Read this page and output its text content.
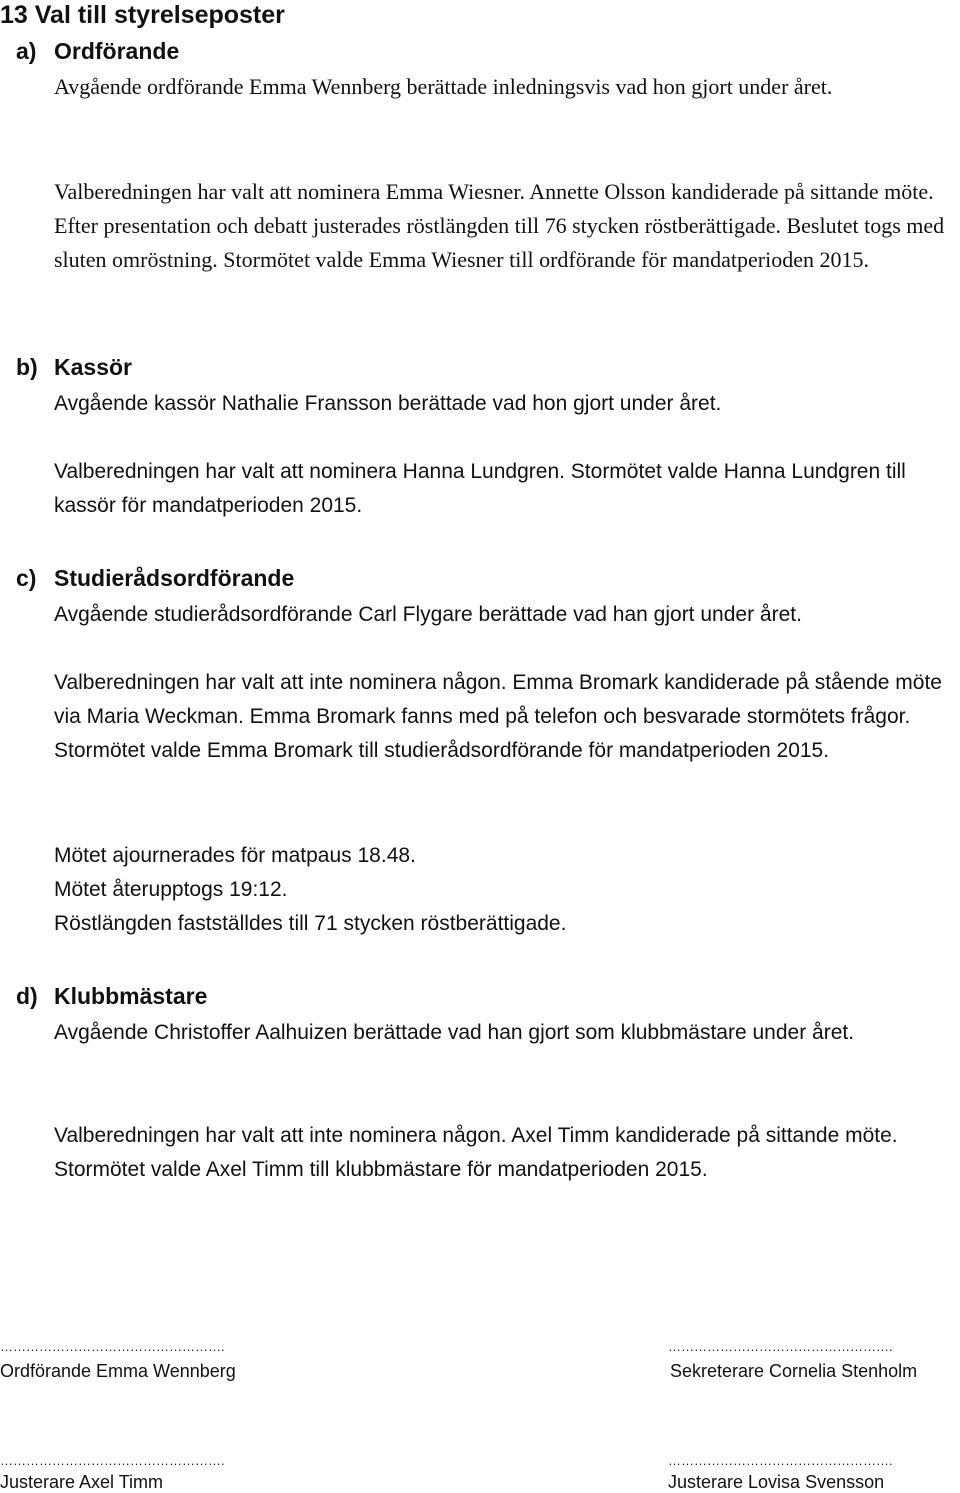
13 Val till styrelseposter
a) Ordförande

Avgående ordförande Emma Wennberg berättade inledningsvis vad hon gjort under året.

Valberedningen har valt att nominera Emma Wiesner. Annette Olsson kandiderade på sittande möte. Efter presentation och debatt justerades röstlängden till 76 stycken röstberättigade. Beslutet togs med sluten omröstning. Stormötet valde Emma Wiesner till ordförande för mandatperioden 2015.

b) Kassör

Avgående kassör Nathalie Fransson berättade vad hon gjort under året.

Valberedningen har valt att nominera Hanna Lundgren. Stormötet valde Hanna Lundgren till kassör för mandatperioden 2015.

c) Studierådsordförande

Avgående studierådsordförande Carl Flygare berättade vad han gjort under året.

Valberedningen har valt att inte nominera någon. Emma Bromark kandiderade på stående möte via Maria Weckman. Emma Bromark fanns med på telefon och besvarade stormötets frågor. Stormötet valde Emma Bromark till studierådsordförande för mandatperioden 2015.

Mötet ajournerades för matpaus 18.48.

Mötet återupptogs 19:12.

Röstlängden fastställdes till 71 stycken röstberättigade.

d) Klubbmästare

Avgående Christoffer Aalhuizen berättade vad han gjort som klubbmästare under året.

Valberedningen har valt att inte nominera någon. Axel Timm kandiderade på sittande möte. Stormötet valde Axel Timm till klubbmästare för mandatperioden 2015.

…………………………………………….	…………………………………………….
Ordförande Emma Wennberg	Sekreterare Cornelia Stenholm
…………………………………………….	…………………………………………….
Justerare Axel Timm	Justerare Lovisa Svensson
